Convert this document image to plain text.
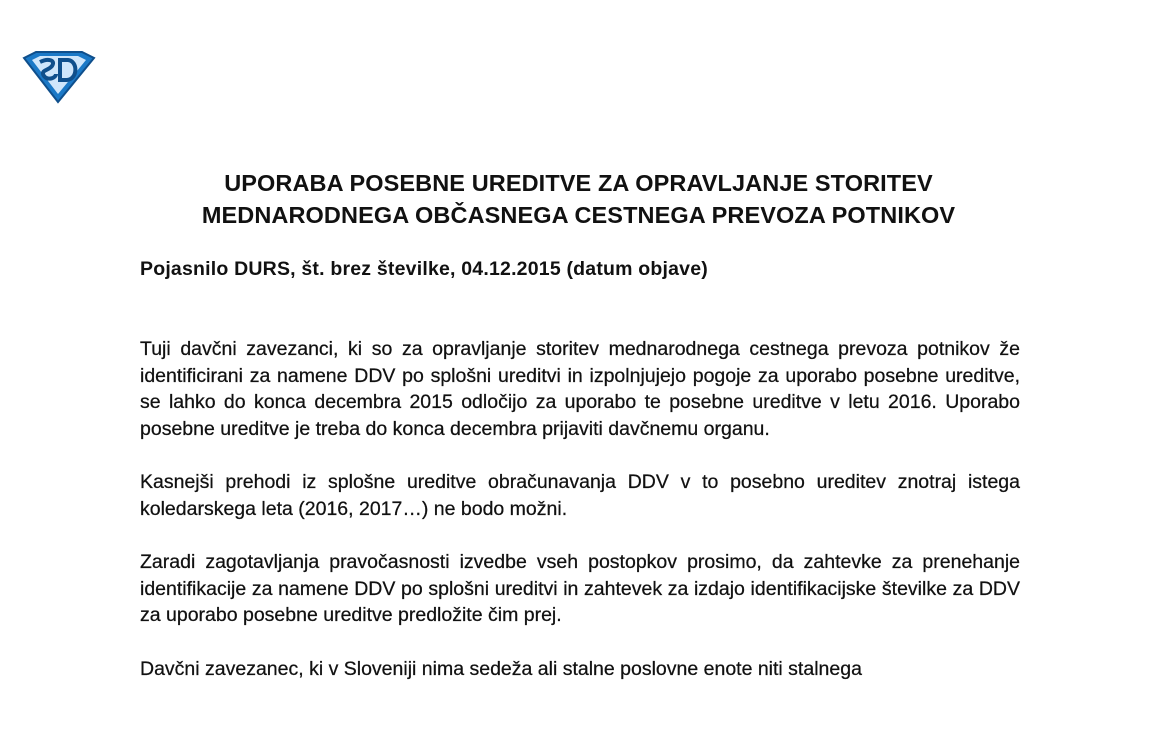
UPORABA POSEBNE UREDITVE ZA OPRAVLJANJE STORITEV
MEDNARODNEGA OBČASNEGA CESTNEGA PREVOZA POTNIKOV
Pojasnilo DURS, št. brez številke, 04.12.2015 (datum objave)

Tuji davčni zavezanci, ki so za opravljanje storitev mednarodnega cestnega prevoza potnikov že identificirani za namene DDV po splošni ureditvi in izpolnjujejo pogoje za uporabo posebne ureditve, se lahko do konca decembra 2015 odločijo za uporabo te posebne ureditve v letu 2016. Uporabo posebne ureditve je treba do konca decembra prijaviti davčnemu organu.

Kasnejši prehodi iz splošne ureditve obračunavanja DDV v to posebno ureditev znotraj istega koledarskega leta (2016, 2017…) ne bodo možni.

Zaradi zagotavljanja pravočasnosti izvedbe vseh postopkov prosimo, da zahtevke za prenehanje identifikacije za namene DDV po splošni ureditvi in zahtevek za izdajo identifikacijske številke za DDV za uporabo posebne ureditve predložite čim prej.

Davčni zavezanec, ki v Sloveniji nima sedeža ali stalne poslovne enote niti stalnega
